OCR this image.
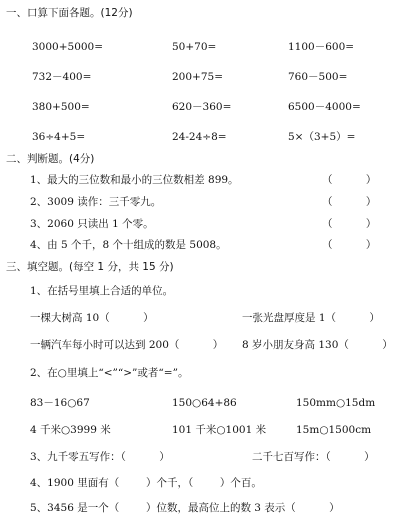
一、口算下面各题。(12分)
3000+5000=	50+70=	1100－600=
732－400=	200+75=	760－500=
380+500=	620－360=	6500－4000=
36÷4+5=	24-24÷8=	5×（3+5）=
二、判断题。(4分)
1、最大的三位数和最小的三位数相差 899。	（          ）
2、3009 读作：三千零九。	（          ）
3、2060 只读出 1 个零。	（          ）
4、由 5 个千，8 个十组成的数是 5008。	（          ）
三、填空题。(每空 1 分，共 15 分)
1、在括号里填上合适的单位。
一棵大树高 10（          ）	一张光盘厚度是 1（          ）
一辆汽车每小时可以达到 200（          ） 8 岁小朋友身高 130（          ）
2、在○里填上“<”“>”或者“=”。
83－16○67	150○64+86	150mm○15dm
4 千米○3999 米	101 千米○1001 米	15m○1500cm
3、九千零五写作：（          ）	二千七百写作：（          ）
4、1900 里面有（        ）个千，（        ）个百。
5、3456 是一个（        ）位数，最高位上的数 3 表示（          ）
